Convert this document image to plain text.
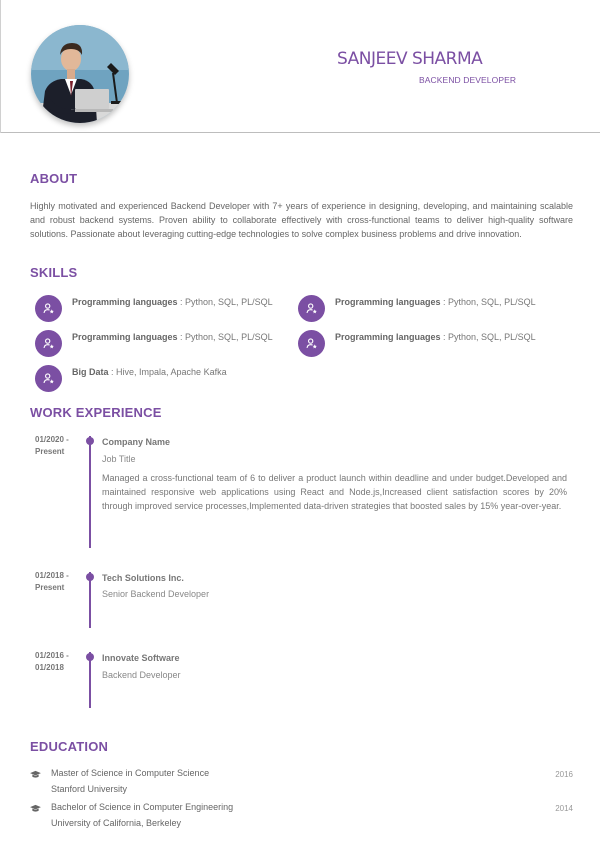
SANJEEV SHARMA
BACKEND DEVELOPER
ABOUT
Highly motivated and experienced Backend Developer with 7+ years of experience in designing, developing, and maintaining scalable and robust backend systems. Proven ability to collaborate effectively with cross-functional teams to deliver high-quality software solutions. Passionate about leveraging cutting-edge technologies to solve complex business problems and drive innovation.
SKILLS
Programming languages : Python, SQL, PL/SQL	Programming languages : Python, SQL, PL/SQL
Programming languages : Python, SQL, PL/SQL	Programming languages : Python, SQL, PL/SQL
Big Data : Hive, Impala, Apache Kafka
WORK EXPERIENCE
01/2020 -
Present
Company Name
Job Title
Managed a cross-functional team of 6 to deliver a product launch within deadline and under budget.Developed and maintained responsive web applications using React and Node.js,Increased client satisfaction scores by 20% through improved service processes,Implemented data-driven strategies that boosted sales by 15% year-over-year.
01/2018 -
Present
Tech Solutions Inc.
Senior Backend Developer
01/2016 -
01/2018
Innovate Software
Backend Developer
EDUCATION
Master of Science in Computer Science
Stanford University
2016
Bachelor of Science in Computer Engineering
University of California, Berkeley
2014
